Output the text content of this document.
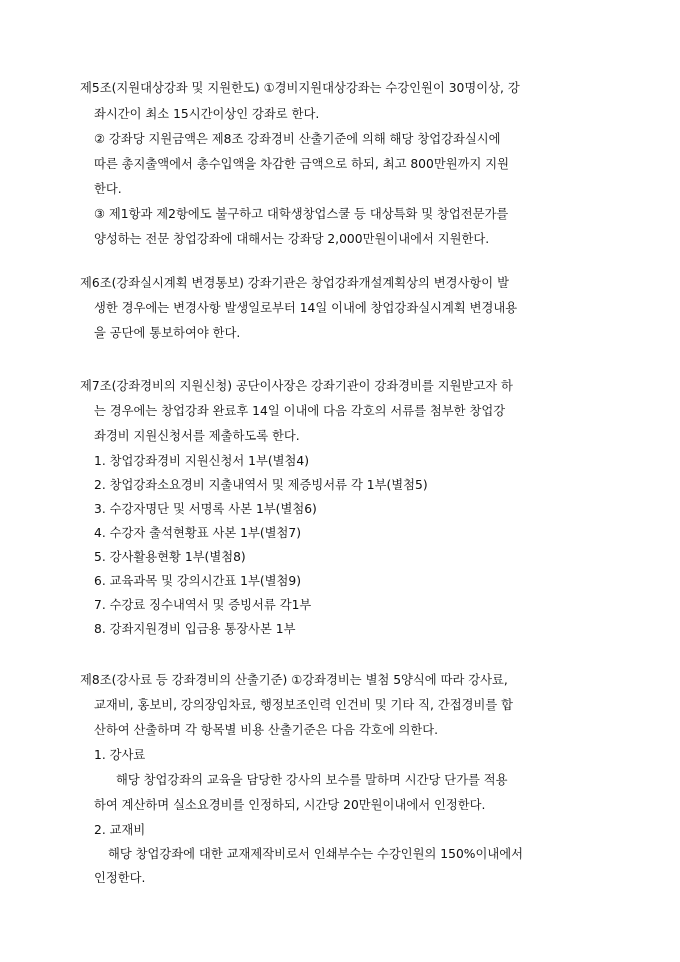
제5조(지원대상강좌 및 지원한도) ①경비지원대상강좌는 수강인원이 30명이상, 강
좌시간이 최소 15시간이상인 강좌로 한다.
② 강좌당 지원금액은 제8조 강좌경비 산출기준에 의해 해당 창업강좌실시에
따른 총지출액에서 총수입액을 차감한 금액으로 하되, 최고 800만원까지 지원
한다.
③ 제1항과 제2항에도 불구하고 대학생창업스쿨 등 대상특화 및 창업전문가를
양성하는 전문 창업강좌에 대해서는 강좌당 2,000만원이내에서 지원한다.
제6조(강좌실시계획 변경통보) 강좌기관은 창업강좌개설계획상의 변경사항이 발
생한 경우에는 변경사항 발생일로부터 14일 이내에 창업강좌실시계획 변경내용
을 공단에 통보하여야 한다.
제7조(강좌경비의 지원신청) 공단이사장은 강좌기관이 강좌경비를 지원받고자 하
는 경우에는 창업강좌 완료후 14일 이내에 다음 각호의 서류를 첨부한 창업강
좌경비 지원신청서를 제출하도록 한다.
1. 창업강좌경비 지원신청서 1부(별첨4)
2. 창업강좌소요경비 지출내역서 및 제증빙서류 각 1부(별첨5)
3. 수강자명단 및 서명록 사본 1부(별첨6)
4. 수강자 출석현황표 사본 1부(별첨7)
5. 강사활용현황 1부(별첨8)
6. 교육과목 및 강의시간표 1부(별첨9)
7. 수강료 징수내역서 및 증빙서류 각1부
8. 강좌지원경비 입금용 통장사본 1부
제8조(강사료 등 강좌경비의 산출기준) ①강좌경비는 별첨 5양식에 따라 강사료,
교재비, 홍보비, 강의장임차료, 행정보조인력 인건비 및 기타 직, 간접경비를 합
산하여 산출하며 각 항목별 비용 산출기준은 다음 각호에 의한다.
1. 강사료
해당 창업강좌의 교육을 담당한 강사의 보수를 말하며 시간당 단가를 적용
하여 계산하며 실소요경비를 인정하되, 시간당 20만원이내에서 인정한다.
2. 교재비
해당 창업강좌에 대한 교재제작비로서 인쇄부수는 수강인원의 150%이내에서
인정한다.
